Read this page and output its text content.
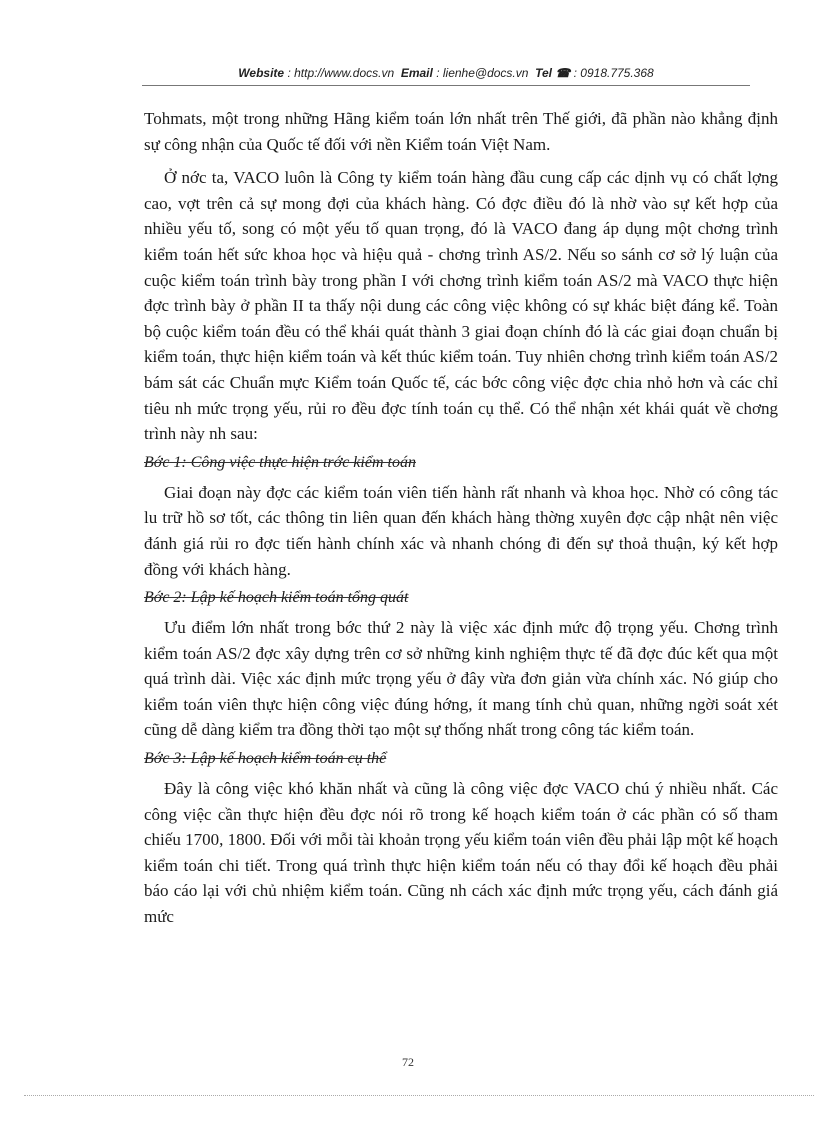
Website : http://www.docs.vn Email : lienhe@docs.vn Tel ☎ : 0918.775.368

Tohmats, một trong những Hãng kiểm toán lớn nhất trên Thế giới, đã phần nào khẳng định sự công nhận của Quốc tế đối với nền Kiểm toán Việt Nam.

Ở nớc ta, VACO luôn là Công ty kiểm toán hàng đầu cung cấp các dịnh vụ có chất lợng cao, vợt trên cả sự mong đợi của khách hàng. Có đợc điều đó là nhờ vào sự kết hợp của nhiều yếu tố, song có một yếu tố quan trọng, đó là VACO đang áp dụng một chơng trình kiểm toán hết sức khoa học và hiệu quả - chơng trình AS/2. Nếu so sánh cơ sở lý luận của cuộc kiểm toán trình bày trong phần I với chơng trình kiểm toán AS/2 mà VACO thực hiện đợc trình bày ở phần II ta thấy nội dung các công việc không có sự khác biệt đáng kể. Toàn bộ cuộc kiểm toán đều có thể khái quát thành 3 giai đoạn chính đó là các giai đoạn chuẩn bị kiểm toán, thực hiện kiểm toán và kết thúc kiểm toán. Tuy nhiên chơng trình kiểm toán AS/2 bám sát các Chuẩn mực Kiểm toán Quốc tế, các bớc công việc đợc chia nhỏ hơn và các chỉ tiêu nh mức trọng yếu, rủi ro đều đợc tính toán cụ thể. Có thể nhận xét khái quát về chơng trình này nh sau:

Bớc 1: Công việc thực hiện trớc kiểm toán

Giai đoạn này đợc các kiểm toán viên tiến hành rất nhanh và khoa học. Nhờ có công tác lu trữ hồ sơ tốt, các thông tin liên quan đến khách hàng thờng xuyên đợc cập nhật nên việc đánh giá rủi ro đợc tiến hành chính xác và nhanh chóng đi đến sự thoả thuận, ký kết hợp đồng với khách hàng.

Bớc 2: Lập kế hoạch kiểm toán tổng quát

Ưu điểm lớn nhất trong bớc thứ 2 này là việc xác định mức độ trọng yếu. Chơng trình kiểm toán AS/2 đợc xây dựng trên cơ sở những kinh nghiệm thực tế đã đợc đúc kết qua một quá trình dài. Việc xác định mức trọng yếu ở đây vừa đơn giản vừa chính xác. Nó giúp cho kiểm toán viên thực hiện công việc đúng hớng, ít mang tính chủ quan, những ngời soát xét cũng dễ dàng kiểm tra đồng thời tạo một sự thống nhất trong công tác kiểm toán.

Bớc 3: Lập kế hoạch kiểm toán cụ thể

Đây là công việc khó khăn nhất và cũng là công việc đợc VACO chú ý nhiều nhất. Các công việc cần thực hiện đều đợc nói rõ trong kế hoạch kiểm toán ở các phần có số tham chiếu 1700, 1800. Đối với mỗi tài khoản trọng yếu kiểm toán viên đều phải lập một kế hoạch kiểm toán chi tiết. Trong quá trình thực hiện kiểm toán nếu có thay đổi kế hoạch đều phải báo cáo lại với chủ nhiệm kiểm toán. Cũng nh cách xác định mức trọng yếu, cách đánh giá mức

72
